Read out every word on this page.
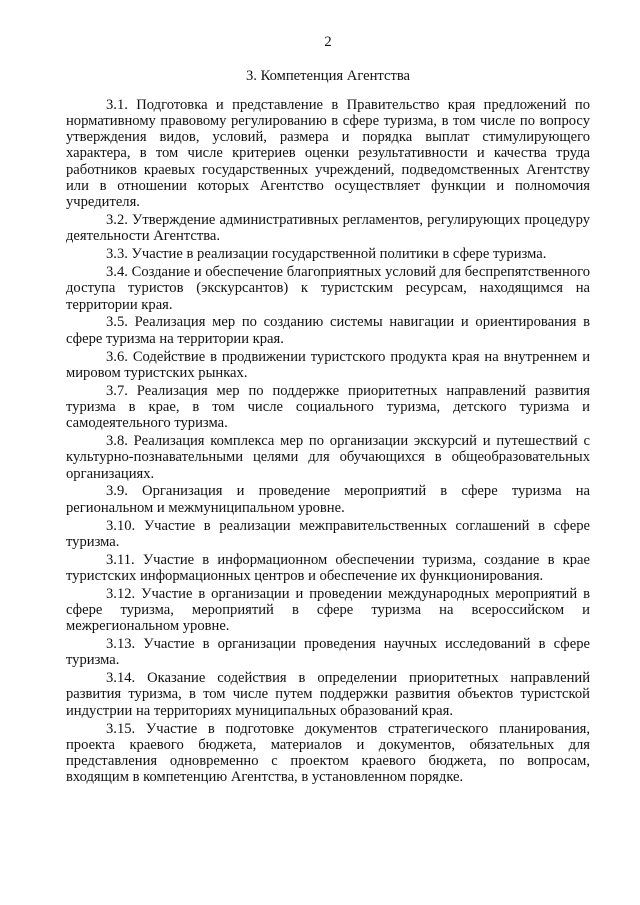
2
3. Компетенция Агентства

3.1. Подготовка и представление в Правительство края предложений по нормативному правовому регулированию в сфере туризма, в том числе по вопросу утверждения видов, условий, размера и порядка выплат стимулирующего характера, в том числе критериев оценки результативности и качества труда работников краевых государственных учреждений, подведомственных Агентству или в отношении которых Агентство осуществляет функции и полномочия учредителя.

3.2. Утверждение административных регламентов, регулирующих процедуру деятельности Агентства.

3.3. Участие в реализации государственной политики в сфере туризма.

3.4. Создание и обеспечение благоприятных условий для беспрепятственного доступа туристов (экскурсантов) к туристским ресурсам, находящимся на территории края.

3.5. Реализация мер по созданию системы навигации и ориентирования в сфере туризма на территории края.

3.6. Содействие в продвижении туристского продукта края на внутреннем и мировом туристских рынках.

3.7. Реализация мер по поддержке приоритетных направлений развития туризма в крае, в том числе социального туризма, детского туризма и самодеятельного туризма.

3.8. Реализация комплекса мер по организации экскурсий и путешествий с культурно-познавательными целями для обучающихся в общеобразовательных организациях.

3.9. Организация и проведение мероприятий в сфере туризма на региональном и межмуниципальном уровне.

3.10. Участие в реализации межправительственных соглашений в сфере туризма.

3.11. Участие в информационном обеспечении туризма, создание в крае туристских информационных центров и обеспечение их функционирования.

3.12. Участие в организации и проведении международных мероприятий в сфере туризма, мероприятий в сфере туризма на всероссийском и межрегиональном уровне.

3.13. Участие в организации проведения научных исследований в сфере туризма.

3.14. Оказание содействия в определении приоритетных направлений развития туризма, в том числе путем поддержки развития объектов туристской индустрии на территориях муниципальных образований края.

3.15. Участие в подготовке документов стратегического планирования, проекта краевого бюджета, материалов и документов, обязательных для представления одновременно с проектом краевого бюджета, по вопросам, входящим в компетенцию Агентства, в установленном порядке.
